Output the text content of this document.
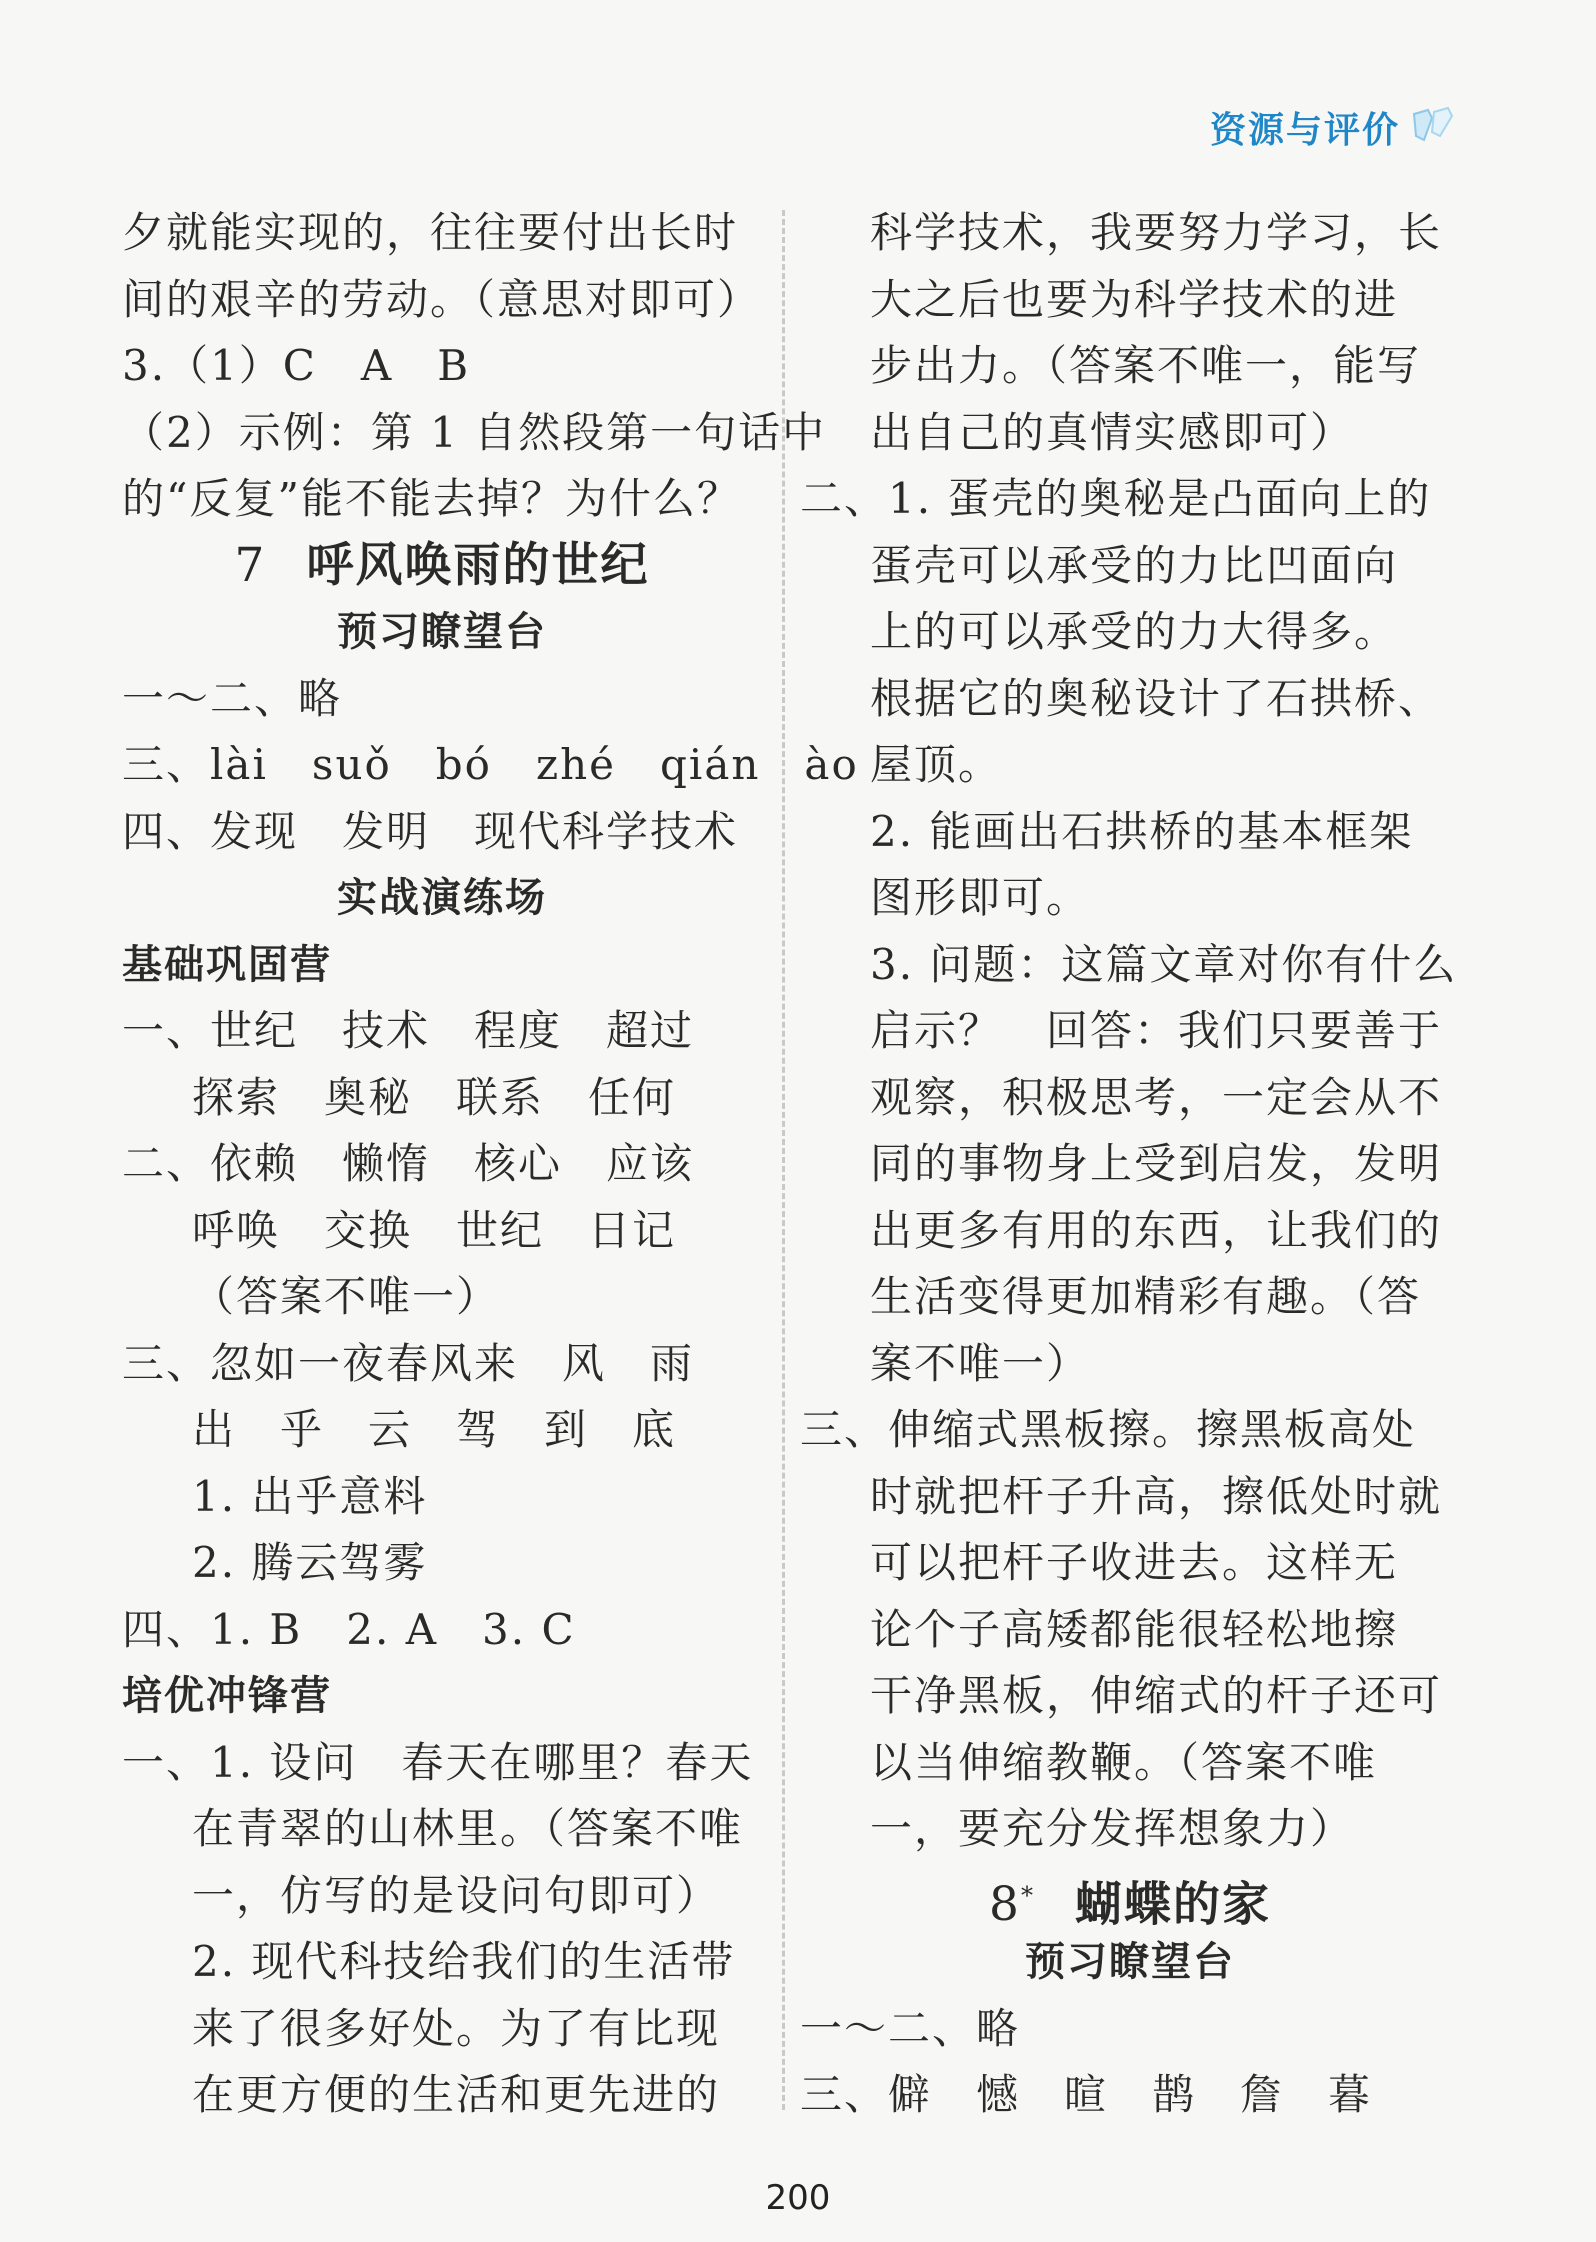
资源与评价
夕就能实现的，往往要付出长时
间的艰辛的劳动。（意思对即可）
3.（1）C　A　B
（2）示例：第 1 自然段第一句话中
的“反复”能不能去掉？为什么？
7 呼风唤雨的世纪
预习瞭望台
一～二、略
三、lài　suǒ　bó　zhé　qián　ào
四、发现　发明　现代科学技术
实战演练场
基础巩固营
一、世纪　技术　程度　超过
探索　奥秘　联系　任何
二、依赖　懒惰　核心　应该
呼唤　交换　世纪　日记
（答案不唯一）
三、忽如一夜春风来　风　雨
出　乎　云　驾　到　底
1. 出乎意料
2. 腾云驾雾
四、1. B　2. A　3. C
培优冲锋营
一、1. 设问　春天在哪里？春天
在青翠的山林里。（答案不唯
一，仿写的是设问句即可）
2. 现代科技给我们的生活带
来了很多好处。为了有比现
在更方便的生活和更先进的
科学技术，我要努力学习，长
大之后也要为科学技术的进
步出力。（答案不唯一，能写
出自己的真情实感即可）
二、1. 蛋壳的奥秘是凸面向上的
蛋壳可以承受的力比凹面向
上的可以承受的力大得多。
根据它的奥秘设计了石拱桥、
屋顶。
2. 能画出石拱桥的基本框架
图形即可。
3. 问题：这篇文章对你有什么
启示？　回答：我们只要善于
观察，积极思考，一定会从不
同的事物身上受到启发，发明
出更多有用的东西，让我们的
生活变得更加精彩有趣。（答
案不唯一）
三、伸缩式黑板擦。擦黑板高处
时就把杆子升高，擦低处时就
可以把杆子收进去。这样无
论个子高矮都能很轻松地擦
干净黑板，伸缩式的杆子还可
以当伸缩教鞭。（答案不唯
一，要充分发挥想象力）
8* 蝴蝶的家
预习瞭望台
一～二、略
三、僻　憾　暄　鹊　詹　暮
200
